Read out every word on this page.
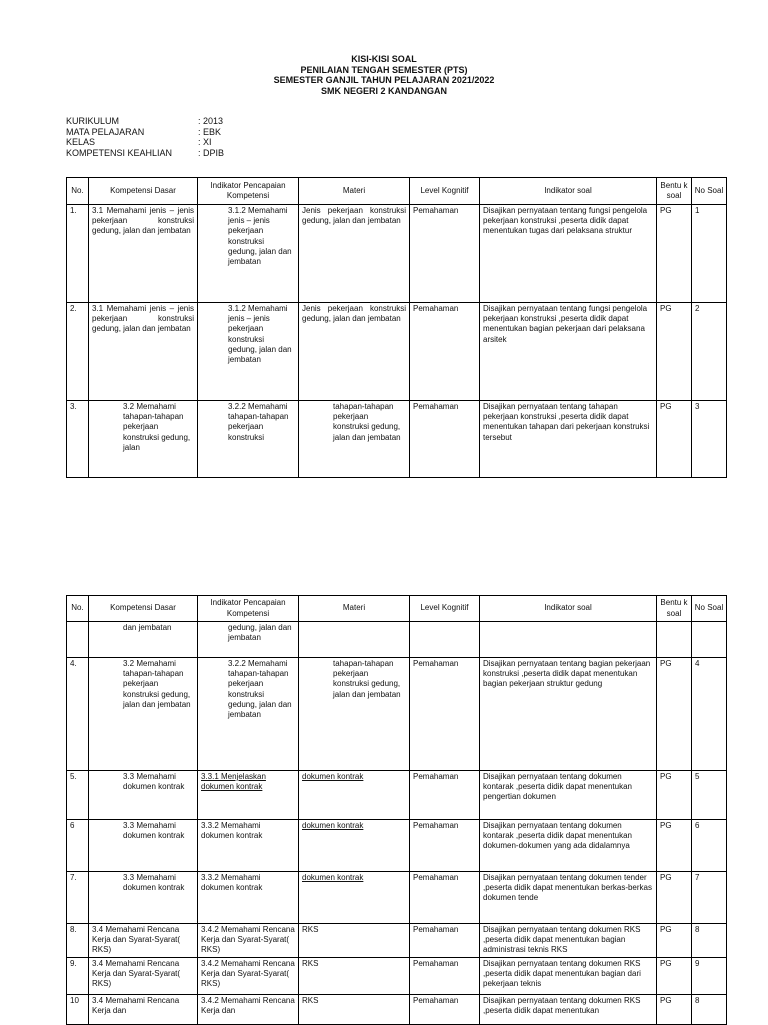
KISI-KISI SOAL
PENILAIAN TENGAH SEMESTER (PTS)
SEMESTER GANJIL TAHUN PELAJARAN 2021/2022
SMK NEGERI 2 KANDANGAN
KURIKULUM	: 2013
MATA PELAJARAN	: EBK
KELAS	: XI
KOMPETENSI KEAHLIAN	: DPIB
No.	Kompetensi Dasar	Indikator Pencapaian Kompetensi	Materi	Level Kognitif	Indikator soal	Bentu k soal	No Soal
1.	3.1 Memahami jenis – jenis pekerjaan konstruksi gedung, jalan dan jembatan	3.1.2 Memahami jenis – jenis pekerjaan konstruksi gedung, jalan dan jembatan	Jenis pekerjaan konstruksi gedung, jalan dan jembatan	Pemahaman	Disajikan pernyataan tentang fungsi pengelola pekerjaan konstruksi ,peserta didik dapat menentukan tugas dari pelaksana struktur	PG	1
2.	3.1 Memahami jenis – jenis pekerjaan konstruksi gedung, jalan dan jembatan	3.1.2 Memahami jenis – jenis pekerjaan konstruksi gedung, jalan dan jembatan	Jenis pekerjaan konstruksi gedung, jalan dan jembatan	Pemahaman	Disajikan pernyataan tentang fungsi pengelola pekerjaan konstruksi ,peserta didik dapat menentukan bagian pekerjaan dari pelaksana arsitek	PG	2
3.	3.2 Memahami tahapan-tahapan pekerjaan konstruksi gedung, jalan	3.2.2 Memahami tahapan-tahapan pekerjaan konstruksi	tahapan-tahapan pekerjaan konstruksi gedung, jalan dan jembatan	Pemahaman	Disajikan pernyataan tentang tahapan pekerjaan konstruksi ,peserta didik dapat menentukan tahapan dari pekerjaan konstruksi tersebut	PG	3
No.	Kompetensi Dasar	Indikator Pencapaian Kompetensi	Materi	Level Kognitif	Indikator soal	Bentu k soal	No Soal
	dan jembatan	gedung, jalan dan jembatan					
4.	3.2 Memahami tahapan-tahapan pekerjaan konstruksi gedung, jalan dan jembatan	3.2.2 Memahami tahapan-tahapan pekerjaan konstruksi gedung, jalan dan jembatan	tahapan-tahapan pekerjaan konstruksi gedung, jalan dan jembatan	Pemahaman	Disajikan pernyataan tentang bagian pekerjaan konstruksi ,peserta didik dapat menentukan bagian pekerjaan struktur gedung	PG	4
5.	3.3 Memahami dokumen kontrak	3.3.1 Menjelaskan dokumen kontrak	dokumen kontrak	Pemahaman	Disajikan pernyataan tentang dokumen kontarak ,peserta didik dapat menentukan pengertian dokumen	PG	5
6	3.3 Memahami dokumen kontrak	3.3.2 Memahami dokumen kontrak	dokumen kontrak	Pemahaman	Disajikan pernyataan tentang dokumen kontarak ,peserta didik dapat menentukan dokumen-dokumen yang ada didalamnya	PG	6
7.	3.3 Memahami dokumen kontrak	3.3.2 Memahami dokumen kontrak	dokumen kontrak	Pemahaman	Disajikan pernyataan tentang dokumen tender ,peserta didik dapat menentukan berkas-berkas dokumen tende	PG	7
8.	3.4 Memahami Rencana Kerja dan Syarat-Syarat( RKS)	3.4.2 Memahami Rencana Kerja dan Syarat-Syarat( RKS)	RKS	Pemahaman	Disajikan pernyataan tentang dokumen RKS ,peserta didik dapat menentukan bagian administrasi teknis RKS	PG	8
9.	3.4 Memahami Rencana Kerja dan Syarat-Syarat( RKS)	3.4.2 Memahami Rencana Kerja dan Syarat-Syarat( RKS)	RKS	Pemahaman	Disajikan pernyataan tentang dokumen RKS ,peserta didik dapat menentukan bagian dari pekerjaan teknis	PG	9
10	3.4 Memahami Rencana Kerja dan	3.4.2 Memahami Rencana Kerja dan	RKS	Pemahaman	Disajikan pernyataan tentang dokumen RKS ,peserta didik dapat menentukan	PG	8
